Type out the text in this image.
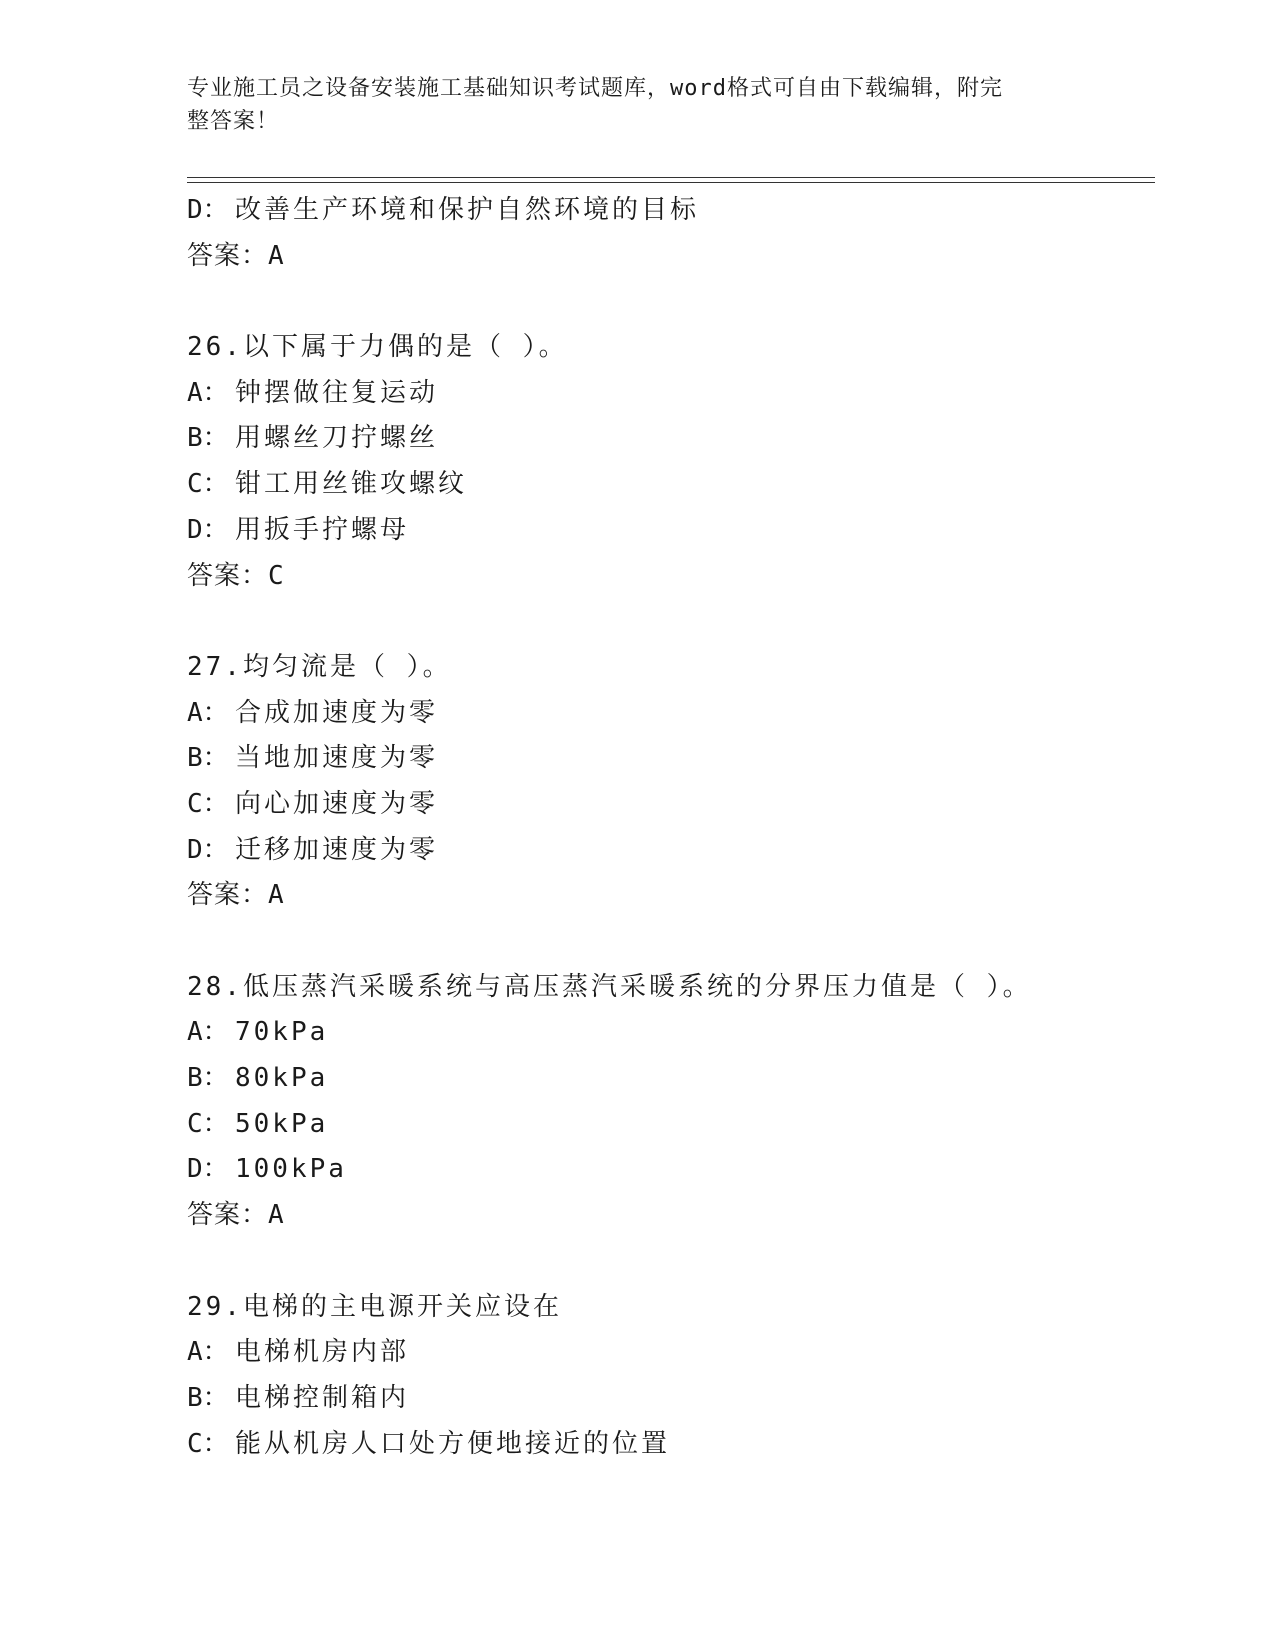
专业施工员之设备安装施工基础知识考试题库，word格式可自由下载编辑，附完
整答案！
D： 改善生产环境和保护自然环境的目标
答案：A
26.以下属于力偶的是（ ）。
A： 钟摆做往复运动
B： 用螺丝刀拧螺丝
C： 钳工用丝锥攻螺纹
D： 用扳手拧螺母
答案：C
27.均匀流是（ ）。
A： 合成加速度为零
B： 当地加速度为零
C： 向心加速度为零
D： 迁移加速度为零
答案：A
28.低压蒸汽采暖系统与高压蒸汽采暖系统的分界压力值是（ ）。
A： 70kPa
B： 80kPa
C： 50kPa
D： 100kPa
答案：A
29.电梯的主电源开关应设在
A： 电梯机房内部
B： 电梯控制箱内
C： 能从机房人口处方便地接近的位置
